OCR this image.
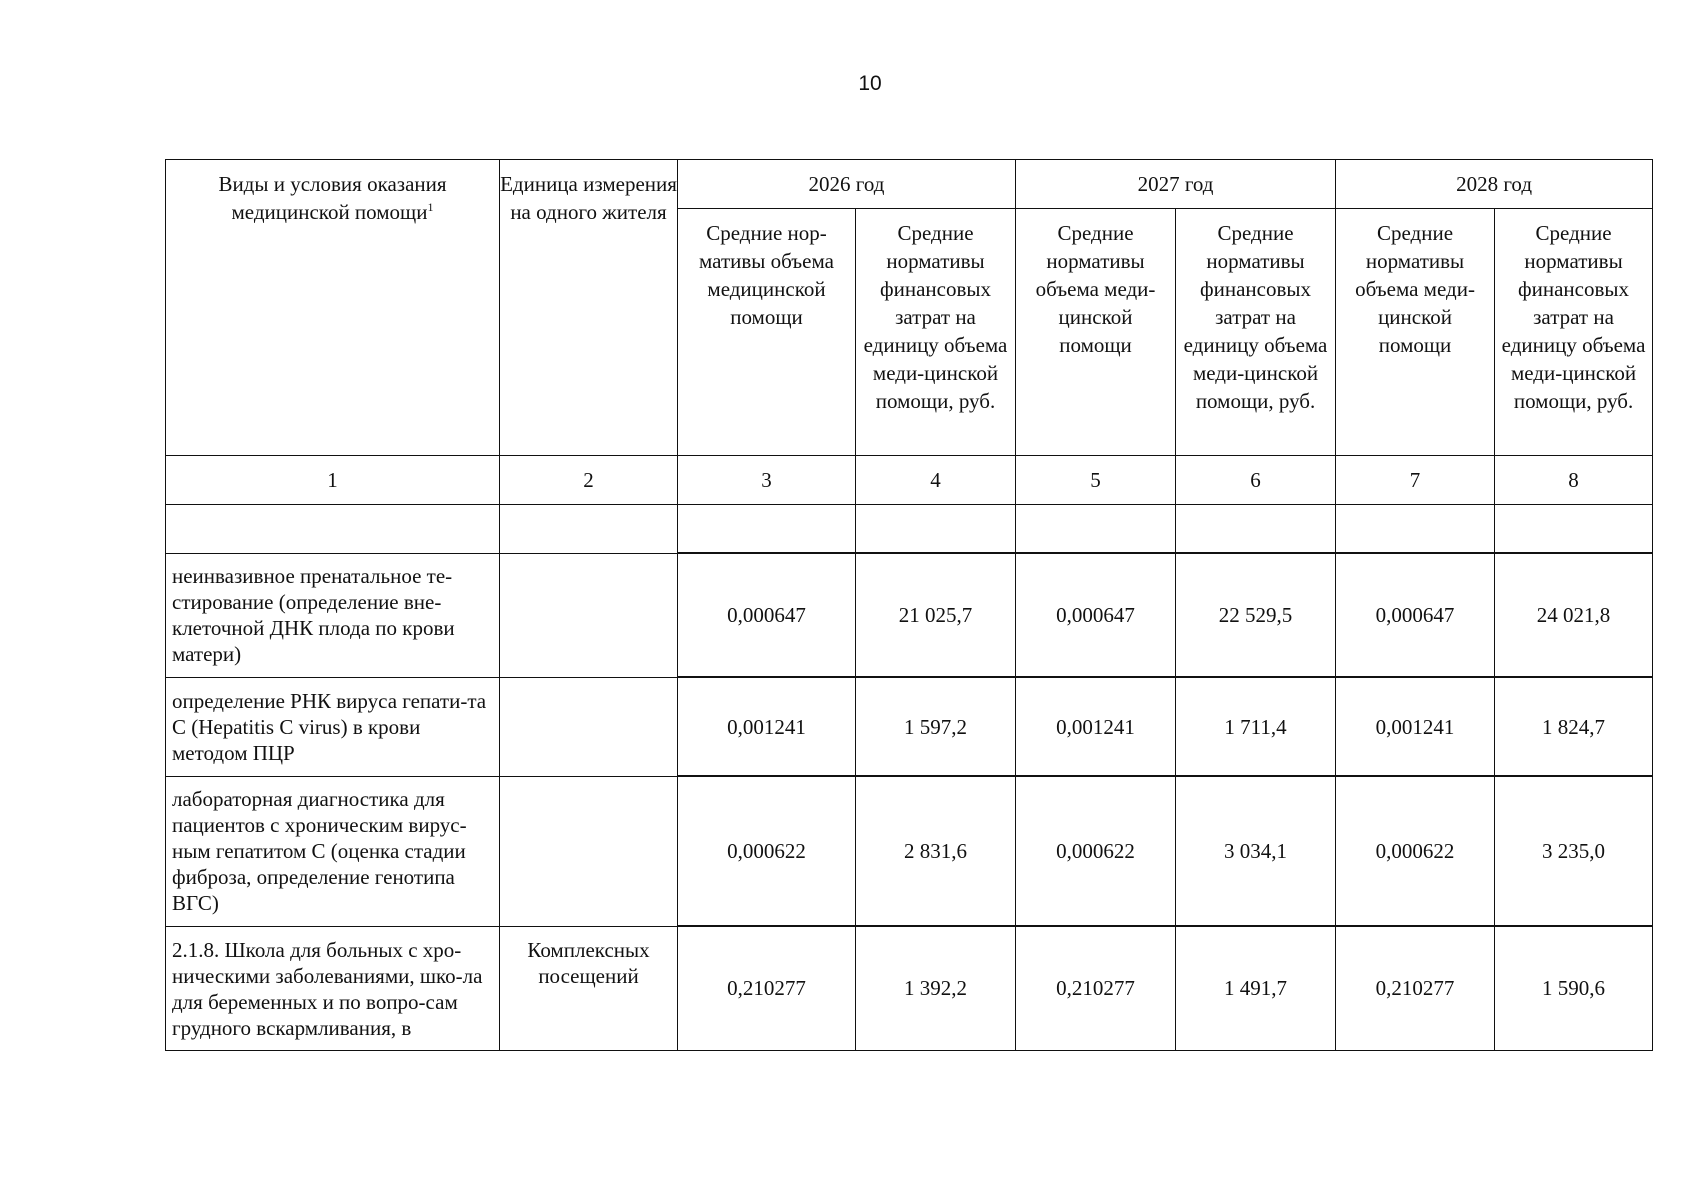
10
Виды и условия оказания медицинской помощи$^1$	Единица измерения на одного жителя	2026 год		2027 год		2028 год	
		Средние нор-мативы объема медицинской помощи	Средние нормативы финансовых затрат на единицу объема меди-цинской помощи, руб.	Средние нормативы объема меди-цинской помощи	Средние нормативы финансовых затрат на единицу объема меди-цинской помощи, руб.	Средние нормативы объема меди-цинской помощи	Средние нормативы финансовых затрат на единицу объема меди-цинской помощи, руб.
1	2	3	4	5	6	7	8

неинвазивное пренатальное те-стирование (определение вне-клеточной ДНК плода по крови матери)		0,000647	21 025,7	0,000647	22 529,5	0,000647	24 021,8
определение РНК вируса гепати-та С (Hepatitis C virus) в крови методом ПЦР		0,001241	1 597,2	0,001241	1 711,4	0,001241	1 824,7
лабораторная диагностика для пациентов с хроническим вирус-ным гепатитом С (оценка стадии фиброза, определение генотипа ВГС)		0,000622	2 831,6	0,000622	3 034,1	0,000622	3 235,0
2.1.8. Школа для больных с хро-ническими заболеваниями, шко-ла для беременных и по вопро-сам грудного вскармливания, в	Комплексных посещений	0,210277	1 392,2	0,210277	1 491,7	0,210277	1 590,6
